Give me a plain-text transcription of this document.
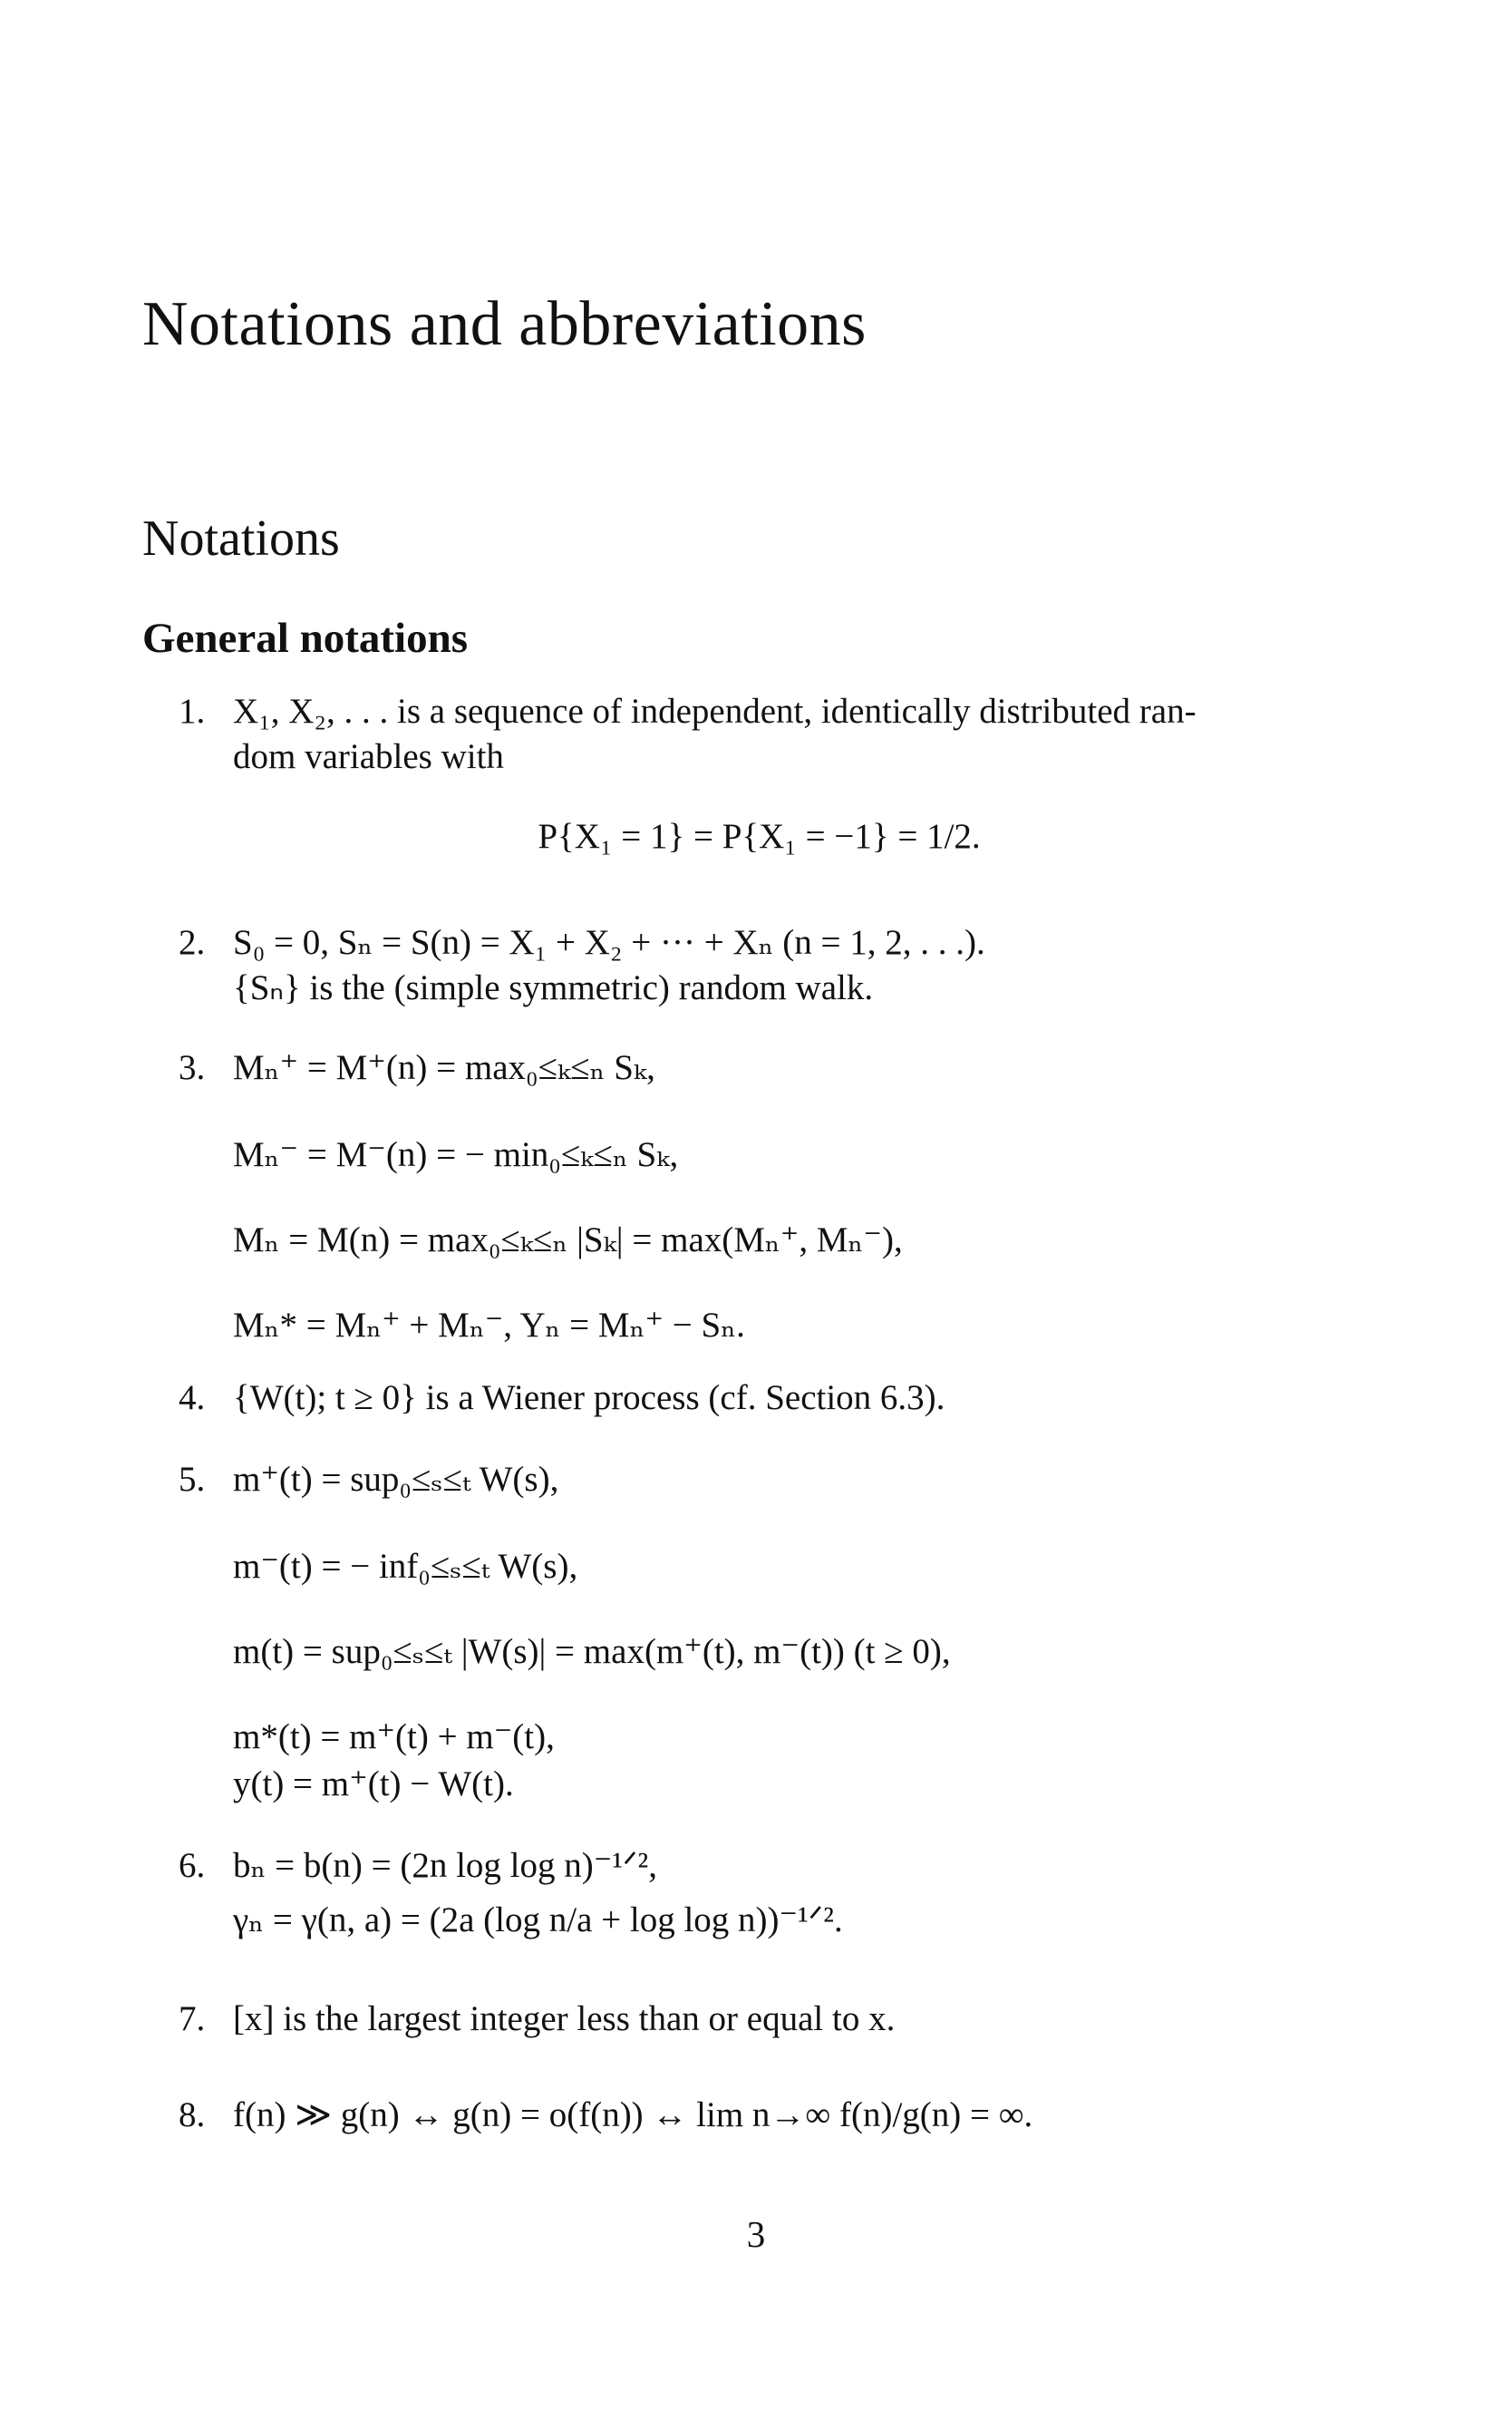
Notations and abbreviations
Notations
General notations
1. X₁, X₂, . . . is a sequence of independent, identically distributed ran-
dom variables with
P{X₁ = 1} = P{X₁ = −1} = 1/2.
2. S₀ = 0, Sₙ = S(n) = X₁ + X₂ + ··· + Xₙ (n = 1, 2, . . .).
{Sₙ} is the (simple symmetric) random walk.
3. Mₙ⁺ = M⁺(n) = max₀≤ₖ≤ₙ Sₖ,
Mₙ⁻ = M⁻(n) = − min₀≤ₖ≤ₙ Sₖ,
Mₙ = M(n) = max₀≤ₖ≤ₙ |Sₖ| = max(Mₙ⁺, Mₙ⁻),
Mₙ* = Mₙ⁺ + Mₙ⁻, Yₙ = Mₙ⁺ − Sₙ.
4. {W(t); t ≥ 0} is a Wiener process (cf. Section 6.3).
5. m⁺(t) = sup₀≤ₛ≤ₜ W(s),
m⁻(t) = − inf₀≤ₛ≤ₜ W(s),
m(t) = sup₀≤ₛ≤ₜ |W(s)| = max(m⁺(t), m⁻(t)) (t ≥ 0),
m*(t) = m⁺(t) + m⁻(t),
y(t) = m⁺(t) − W(t).
6. bₙ = b(n) = (2n log log n)⁻¹ᐟ²,
γₙ = γ(n, a) = (2a (log n/a + log log n))⁻¹ᐟ².
7. [x] is the largest integer less than or equal to x.
8. f(n) ≫ g(n) ↔ g(n) = o(f(n)) ↔ lim n→∞ f(n)/g(n) = ∞.
3
